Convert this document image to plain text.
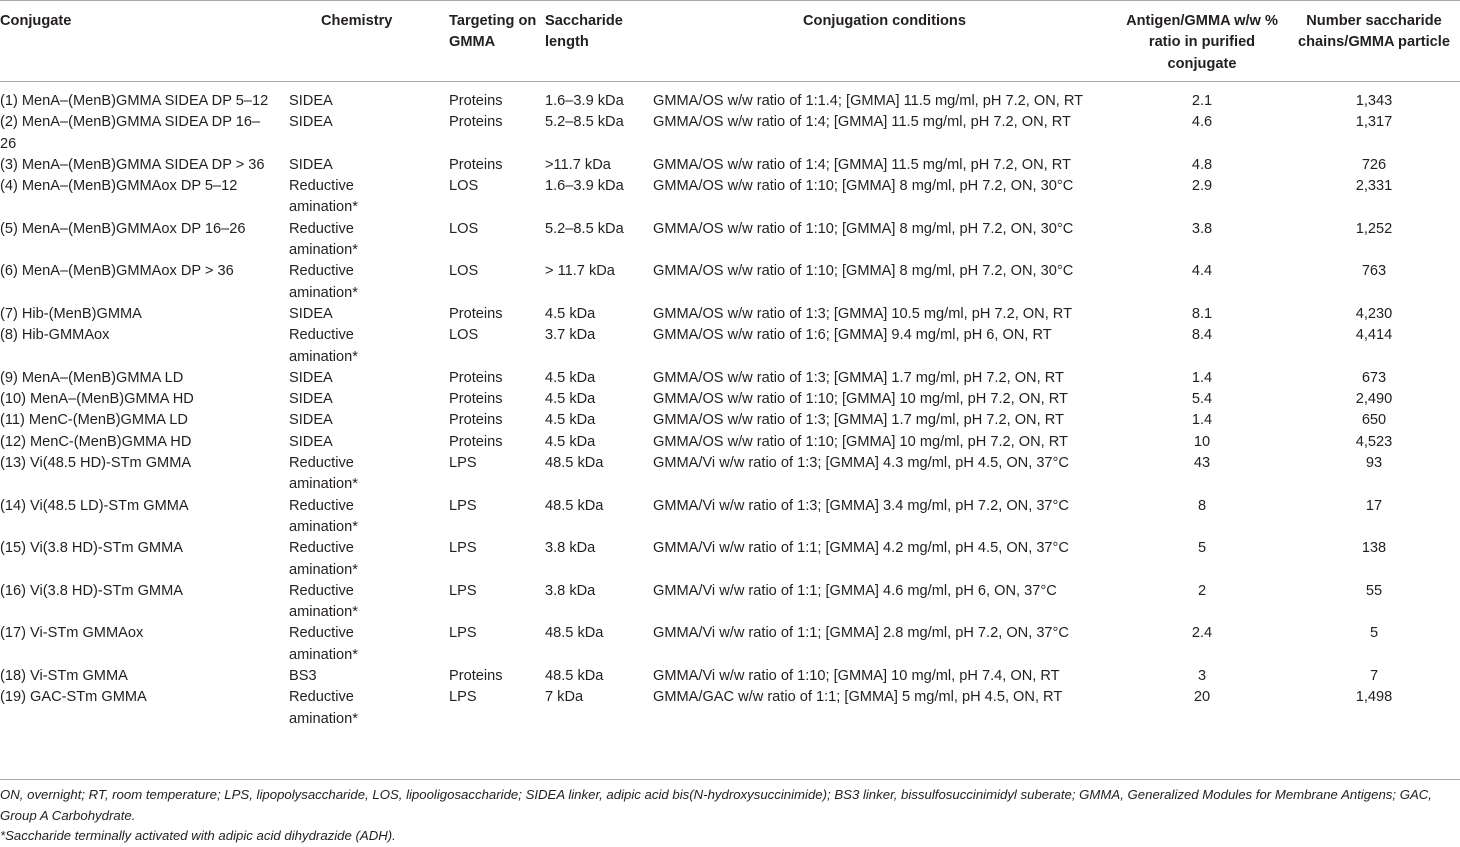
Conjugate	Chemistry	Targeting on GMMA	Saccharide length	Conjugation conditions	Antigen/GMMA w/w % ratio in purified conjugate	Number saccharide chains/GMMA particle
(1) MenA–(MenB)GMMA SIDEA DP 5–12	SIDEA	Proteins	1.6–3.9 kDa	GMMA/OS w/w ratio of 1:1.4; [GMMA] 11.5 mg/ml, pH 7.2, ON, RT	2.1	1,343
(2) MenA–(MenB)GMMA SIDEA DP 16–26	SIDEA	Proteins	5.2–8.5 kDa	GMMA/OS w/w ratio of 1:4; [GMMA] 11.5 mg/ml, pH 7.2, ON, RT	4.6	1,317
(3) MenA–(MenB)GMMA SIDEA DP > 36	SIDEA	Proteins	>11.7 kDa	GMMA/OS w/w ratio of 1:4; [GMMA] 11.5 mg/ml, pH 7.2, ON, RT	4.8	726
(4) MenA–(MenB)GMMAox DP 5–12	Reductive amination*	LOS	1.6–3.9 kDa	GMMA/OS w/w ratio of 1:10; [GMMA] 8 mg/ml, pH 7.2, ON, 30°C	2.9	2,331
(5) MenA–(MenB)GMMAox DP 16–26	Reductive amination*	LOS	5.2–8.5 kDa	GMMA/OS w/w ratio of 1:10; [GMMA] 8 mg/ml, pH 7.2, ON, 30°C	3.8	1,252
(6) MenA–(MenB)GMMAox DP > 36	Reductive amination*	LOS	> 11.7 kDa	GMMA/OS w/w ratio of 1:10; [GMMA] 8 mg/ml, pH 7.2, ON, 30°C	4.4	763
(7) Hib-(MenB)GMMA	SIDEA	Proteins	4.5 kDa	GMMA/OS w/w ratio of 1:3; [GMMA] 10.5 mg/ml, pH 7.2, ON, RT	8.1	4,230
(8) Hib-GMMAox	Reductive amination*	LOS	3.7 kDa	GMMA/OS w/w ratio of 1:6; [GMMA] 9.4 mg/ml, pH 6, ON, RT	8.4	4,414
(9) MenA–(MenB)GMMA LD	SIDEA	Proteins	4.5 kDa	GMMA/OS w/w ratio of 1:3; [GMMA] 1.7 mg/ml, pH 7.2, ON, RT	1.4	673
(10) MenA–(MenB)GMMA HD	SIDEA	Proteins	4.5 kDa	GMMA/OS w/w ratio of 1:10; [GMMA] 10 mg/ml, pH 7.2, ON, RT	5.4	2,490
(11) MenC-(MenB)GMMA LD	SIDEA	Proteins	4.5 kDa	GMMA/OS w/w ratio of 1:3; [GMMA] 1.7 mg/ml, pH 7.2, ON, RT	1.4	650
(12) MenC-(MenB)GMMA HD	SIDEA	Proteins	4.5 kDa	GMMA/OS w/w ratio of 1:10; [GMMA] 10 mg/ml, pH 7.2, ON, RT	10	4,523
(13) Vi(48.5 HD)-STm GMMA	Reductive amination*	LPS	48.5 kDa	GMMA/Vi w/w ratio of 1:3; [GMMA] 4.3 mg/ml, pH 4.5, ON, 37°C	43	93
(14) Vi(48.5 LD)-STm GMMA	Reductive amination*	LPS	48.5 kDa	GMMA/Vi w/w ratio of 1:3; [GMMA] 3.4 mg/ml, pH 7.2, ON, 37°C	8	17
(15) Vi(3.8 HD)-STm GMMA	Reductive amination*	LPS	3.8 kDa	GMMA/Vi w/w ratio of 1:1; [GMMA] 4.2 mg/ml, pH 4.5, ON, 37°C	5	138
(16) Vi(3.8 HD)-STm GMMA	Reductive amination*	LPS	3.8 kDa	GMMA/Vi w/w ratio of 1:1; [GMMA] 4.6 mg/ml, pH 6, ON, 37°C	2	55
(17) Vi-STm GMMAox	Reductive amination*	LPS	48.5 kDa	GMMA/Vi w/w ratio of 1:1; [GMMA] 2.8 mg/ml, pH 7.2, ON, 37°C	2.4	5
(18) Vi-STm GMMA	BS3	Proteins	48.5 kDa	GMMA/Vi w/w ratio of 1:10; [GMMA] 10 mg/ml, pH 7.4, ON, RT	3	7
(19) GAC-STm GMMA	Reductive amination*	LPS	7 kDa	GMMA/GAC w/w ratio of 1:1; [GMMA] 5 mg/ml, pH 4.5, ON, RT	20	1,498

ON, overnight; RT, room temperature; LPS, lipopolysaccharide, LOS, lipooligosaccharide; SIDEA linker, adipic acid bis(N-hydroxysuccinimide); BS3 linker, bissulfosuccinimidyl suberate; GMMA, Generalized Modules for Membrane Antigens; GAC, Group A Carbohydrate.

*Saccharide terminally activated with adipic acid dihydrazide (ADH).
